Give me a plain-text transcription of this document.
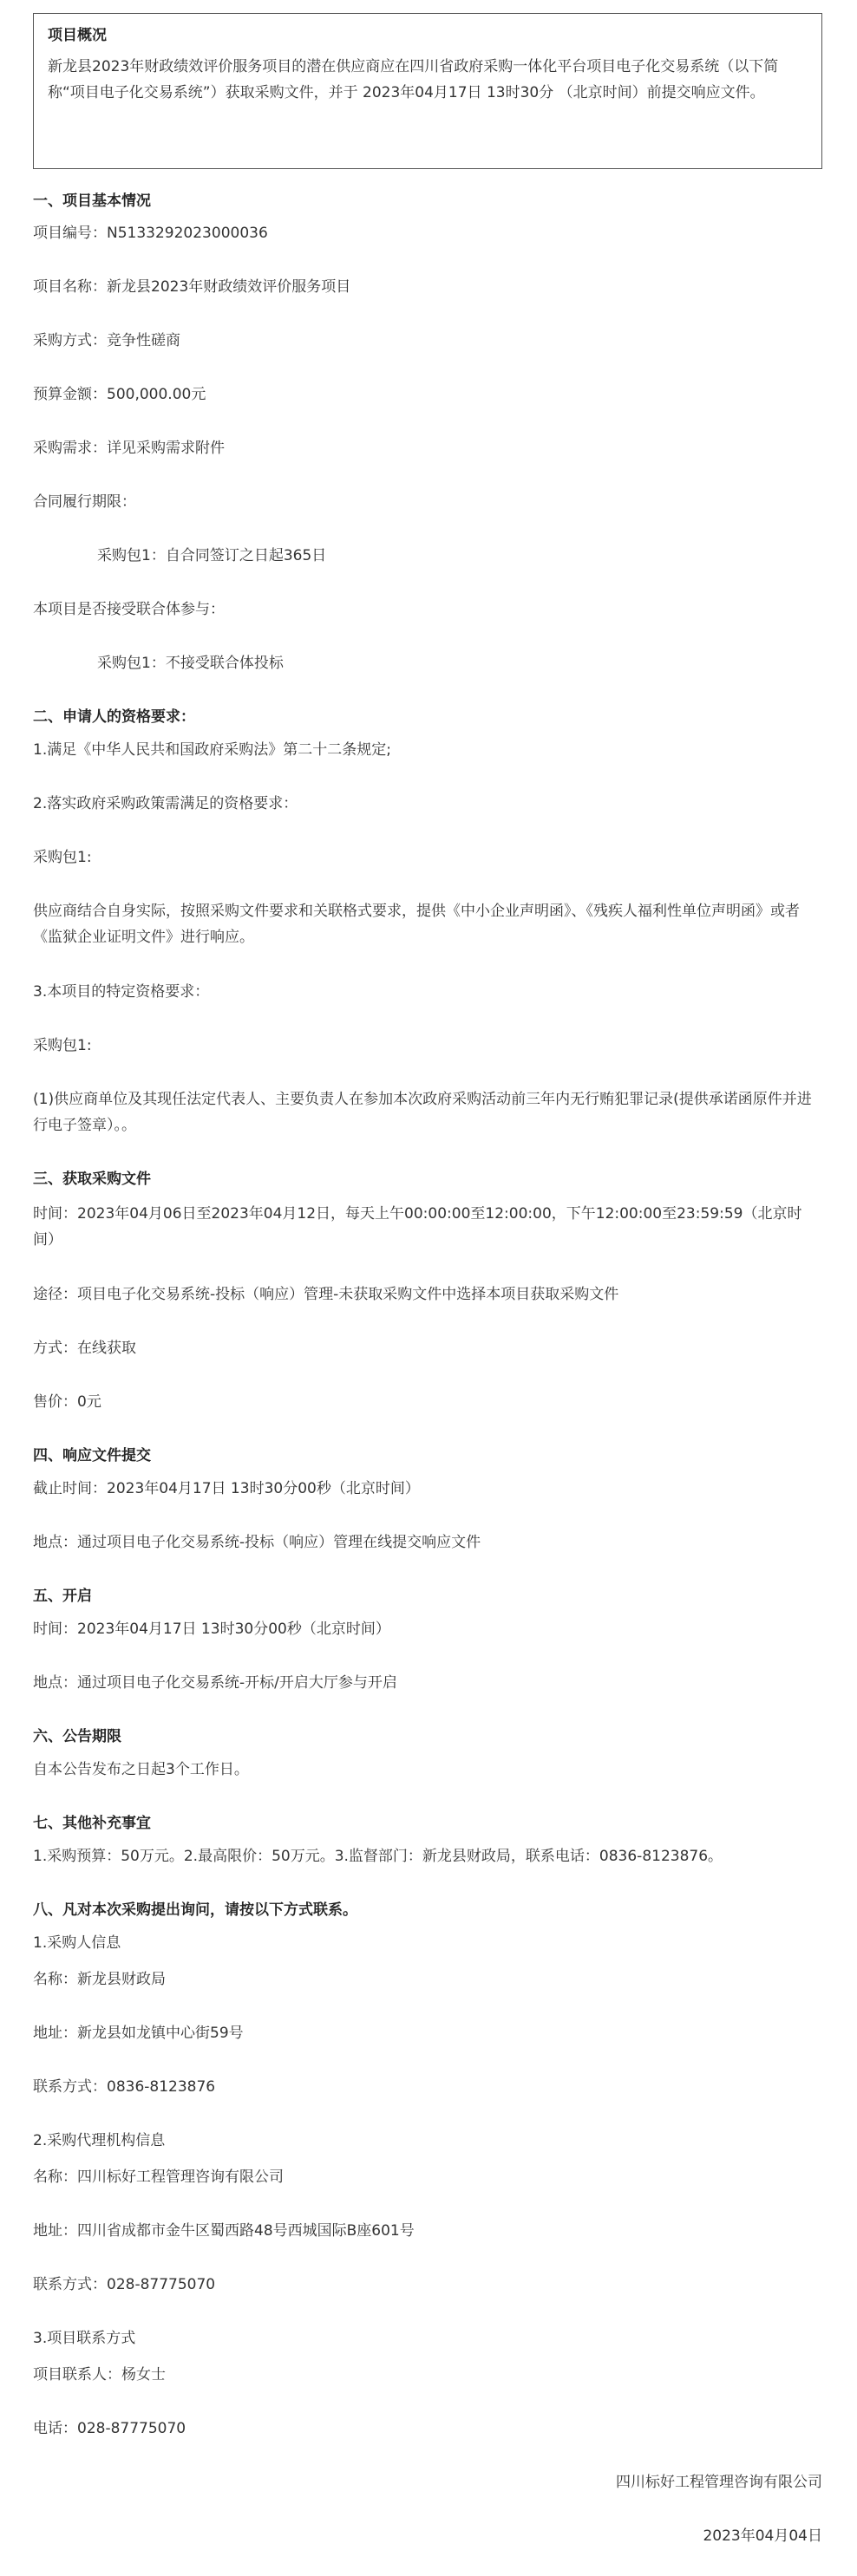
项目概况

新龙县2023年财政绩效评价服务项目的潜在供应商应在四川省政府采购一体化平台项目电子化交易系统（以下简称“项目电子化交易系统”）获取采购文件，并于 2023年04月17日 13时30分 （北京时间）前提交响应文件。

一、项目基本情况
项目编号：N5133292023000036
项目名称：新龙县2023年财政绩效评价服务项目
采购方式：竞争性磋商
预算金额：500,000.00元
采购需求：详见采购需求附件
合同履行期限：
采购包1：自合同签订之日起365日
本项目是否接受联合体参与：
采购包1：不接受联合体投标
二、申请人的资格要求：
1.满足《中华人民共和国政府采购法》第二十二条规定;
2.落实政府采购政策需满足的资格要求：
采购包1:
供应商结合自身实际，按照采购文件要求和关联格式要求，提供《中小企业声明函》、《残疾人福利性单位声明函》或者《监狱企业证明文件》进行响应。
3.本项目的特定资格要求：
采购包1:
(1)供应商单位及其现任法定代表人、主要负责人在参加本次政府采购活动前三年内无行贿犯罪记录(提供承诺函原件并进行电子签章）。。
三、获取采购文件
时间：2023年04月06日至2023年04月12日，每天上午00:00:00至12:00:00，下午12:00:00至23:59:59（北京时间）
途径：项目电子化交易系统-投标（响应）管理-未获取采购文件中选择本项目获取采购文件
方式：在线获取
售价：0元
四、响应文件提交
截止时间：2023年04月17日 13时30分00秒（北京时间）
地点：通过项目电子化交易系统-投标（响应）管理在线提交响应文件
五、开启
时间：2023年04月17日 13时30分00秒（北京时间）
地点：通过项目电子化交易系统-开标/开启大厅参与开启
六、公告期限
自本公告发布之日起3个工作日。
七、其他补充事宜
1.采购预算：50万元。2.最高限价：50万元。3.监督部门：新龙县财政局，联系电话：0836-8123876。
八、凡对本次采购提出询问，请按以下方式联系。
1.采购人信息
名称：新龙县财政局
地址：新龙县如龙镇中心街59号
联系方式：0836-8123876
2.采购代理机构信息
名称：四川标好工程管理咨询有限公司
地址：四川省成都市金牛区蜀西路48号西城国际B座601号
联系方式：028-87775070
3.项目联系方式
项目联系人：杨女士
电话：028-87775070
四川标好工程管理咨询有限公司
2023年04月04日
